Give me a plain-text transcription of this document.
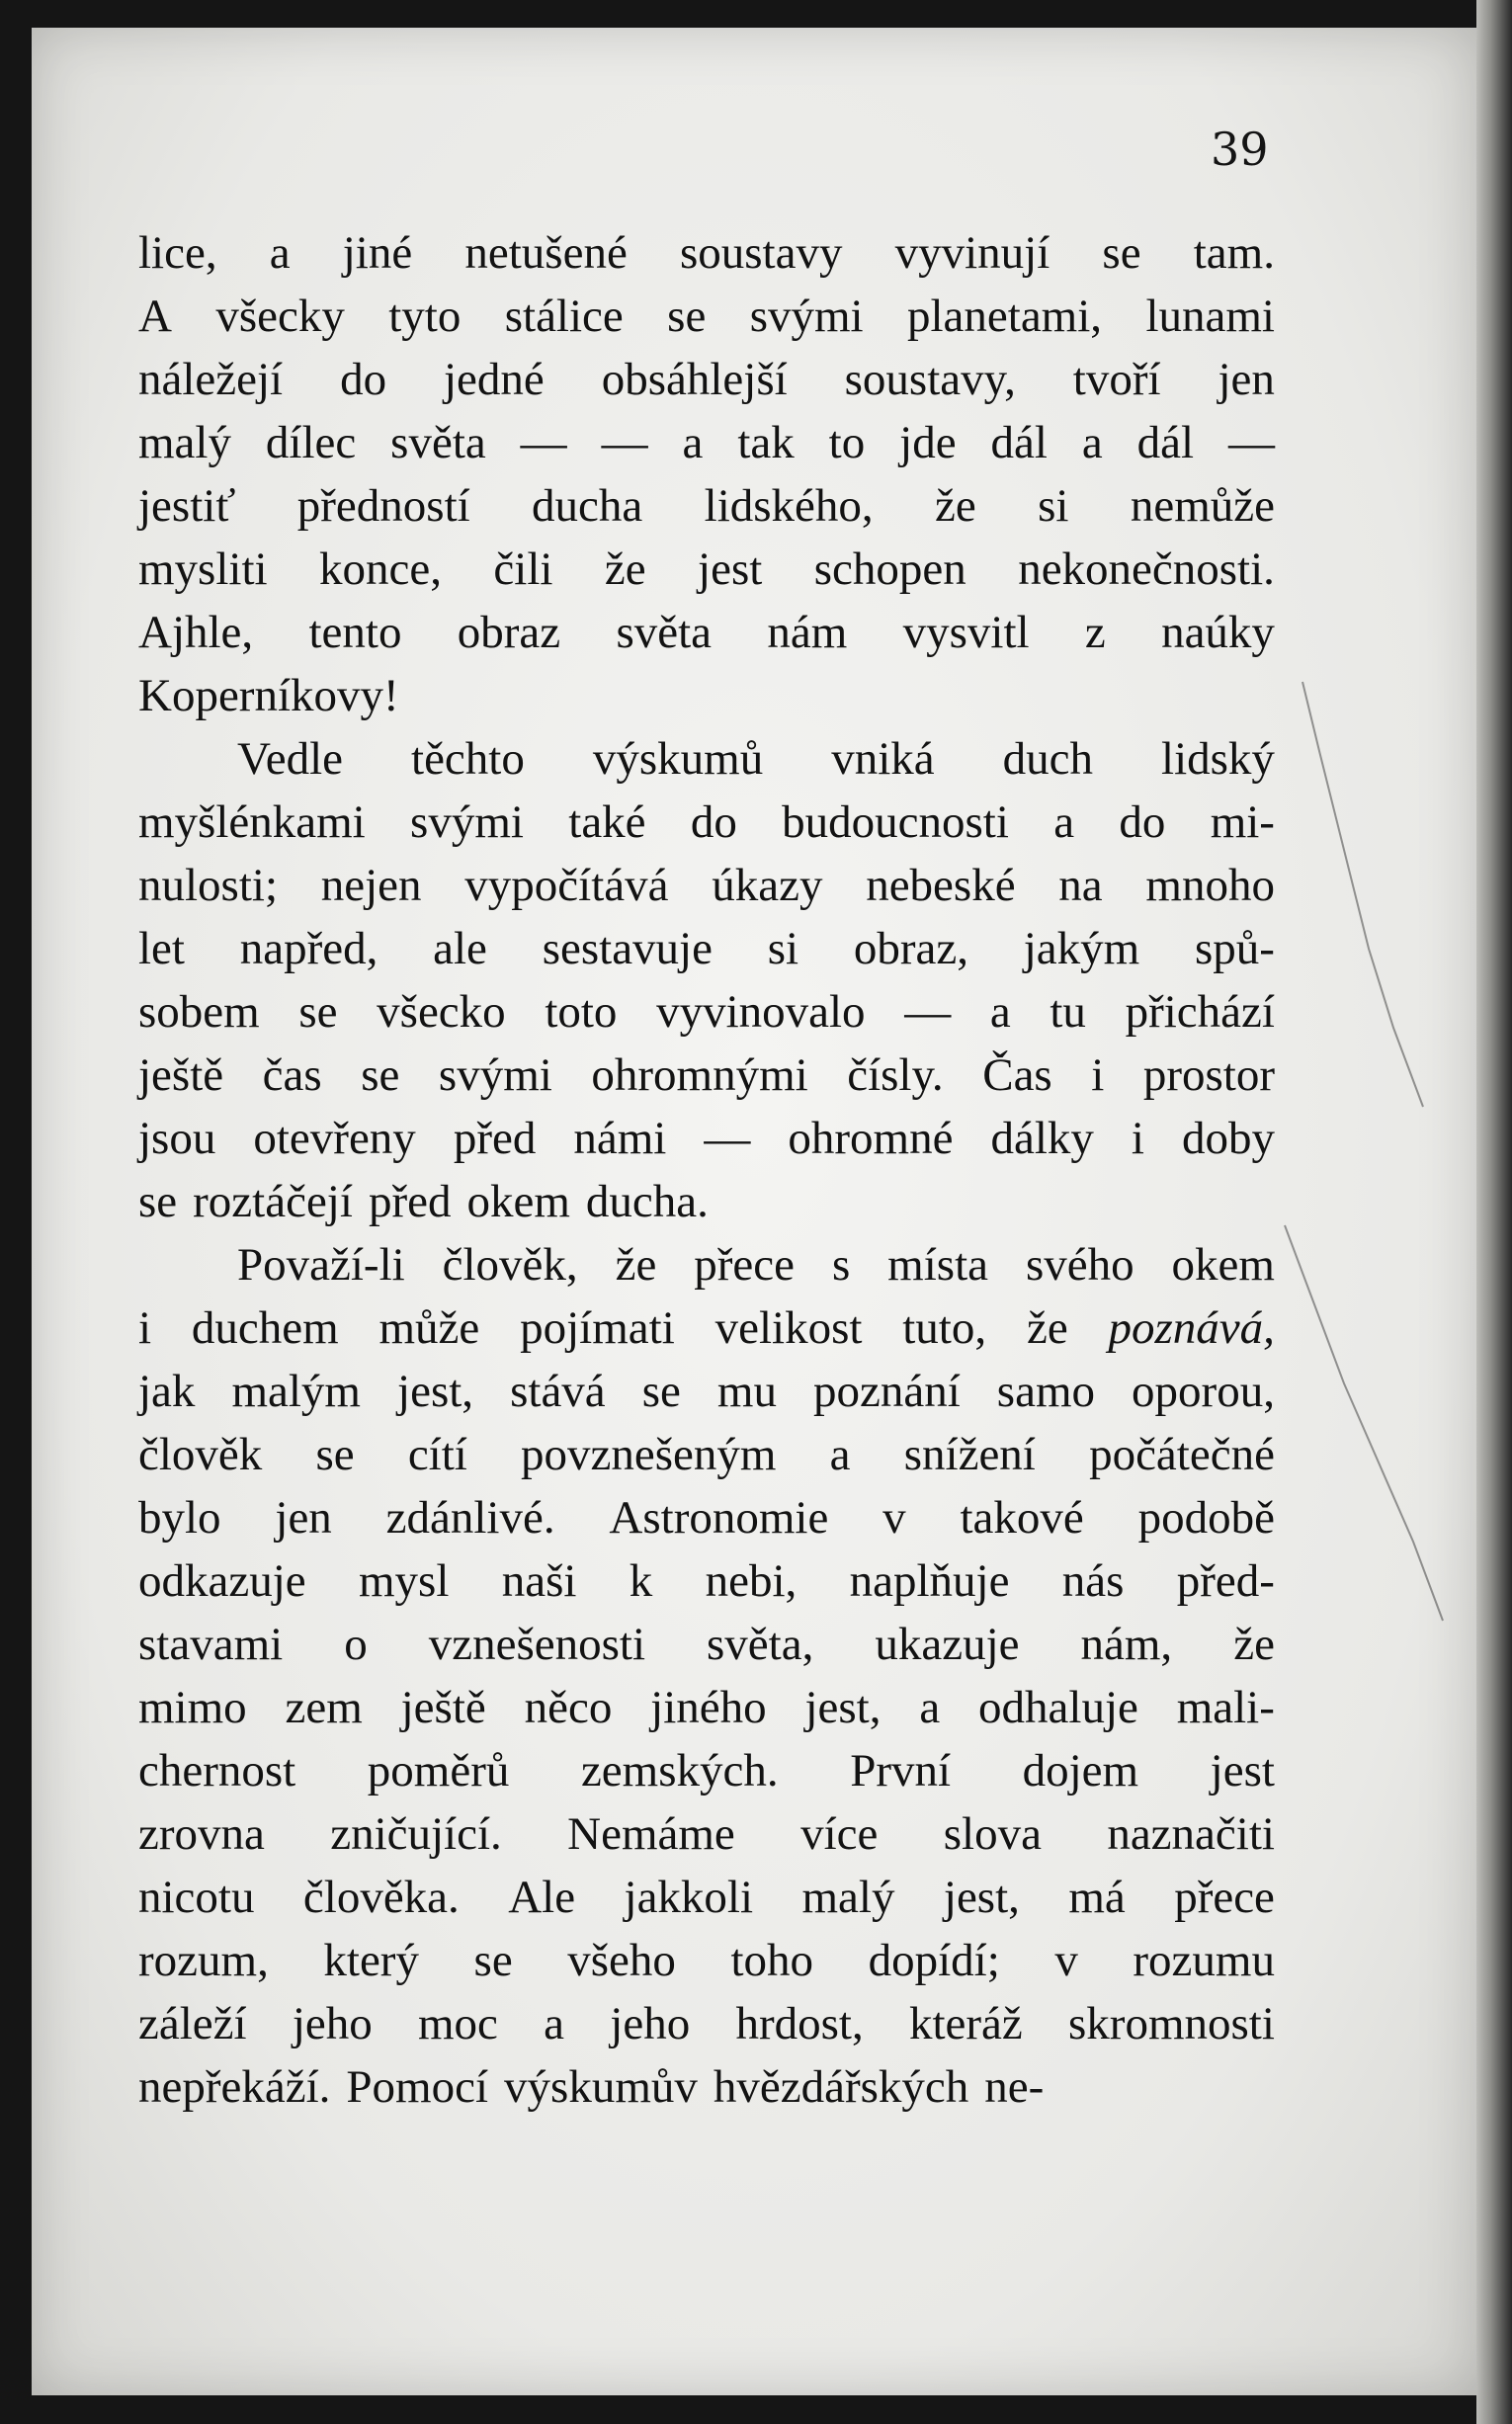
39
lice, a jiné netušené soustavy vyvinují se tam.
A všecky tyto stálice se svými planetami, lunami
náležejí do jedné obsáhlejší soustavy, tvoří jen
malý dílec světa — — a tak to jde dál a dál —
jestiť předností ducha lidského, že si nemůže
mysliti konce, čili že jest schopen nekonečnosti.
Ajhle, tento obraz světa nám vysvitl z naúky
Koperníkovy!
Vedle těchto výskumů vniká duch lidský
myšlénkami svými také do budoucnosti a do mi-
nulosti; nejen vypočítává úkazy nebeské na mnoho
let napřed, ale sestavuje si obraz, jakým spů-
sobem se všecko toto vyvinovalo — a tu přichází
ještě čas se svými ohromnými čísly. Čas i prostor
jsou otevřeny před námi — ohromné dálky i doby
se roztáčejí před okem ducha.
Považí-li člověk, že přece s místa svého okem
i duchem může pojímati velikost tuto, že poznává,
jak malým jest, stává se mu poznání samo oporou,
člověk se cítí povznešeným a snížení počátečné
bylo jen zdánlivé. Astronomie v takové podobě
odkazuje mysl naši k nebi, naplňuje nás před-
stavami o vznešenosti světa, ukazuje nám, že
mimo zem ještě něco jiného jest, a odhaluje mali-
chernost poměrů zemských. První dojem jest
zrovna zničující. Nemáme více slova naznačiti
nicotu člověka. Ale jakkoli malý jest, má přece
rozum, který se všeho toho dopídí; v rozumu
záleží jeho moc a jeho hrdost, kteráž skromnosti
nepřekáží. Pomocí výskumův hvězdářských ne-
